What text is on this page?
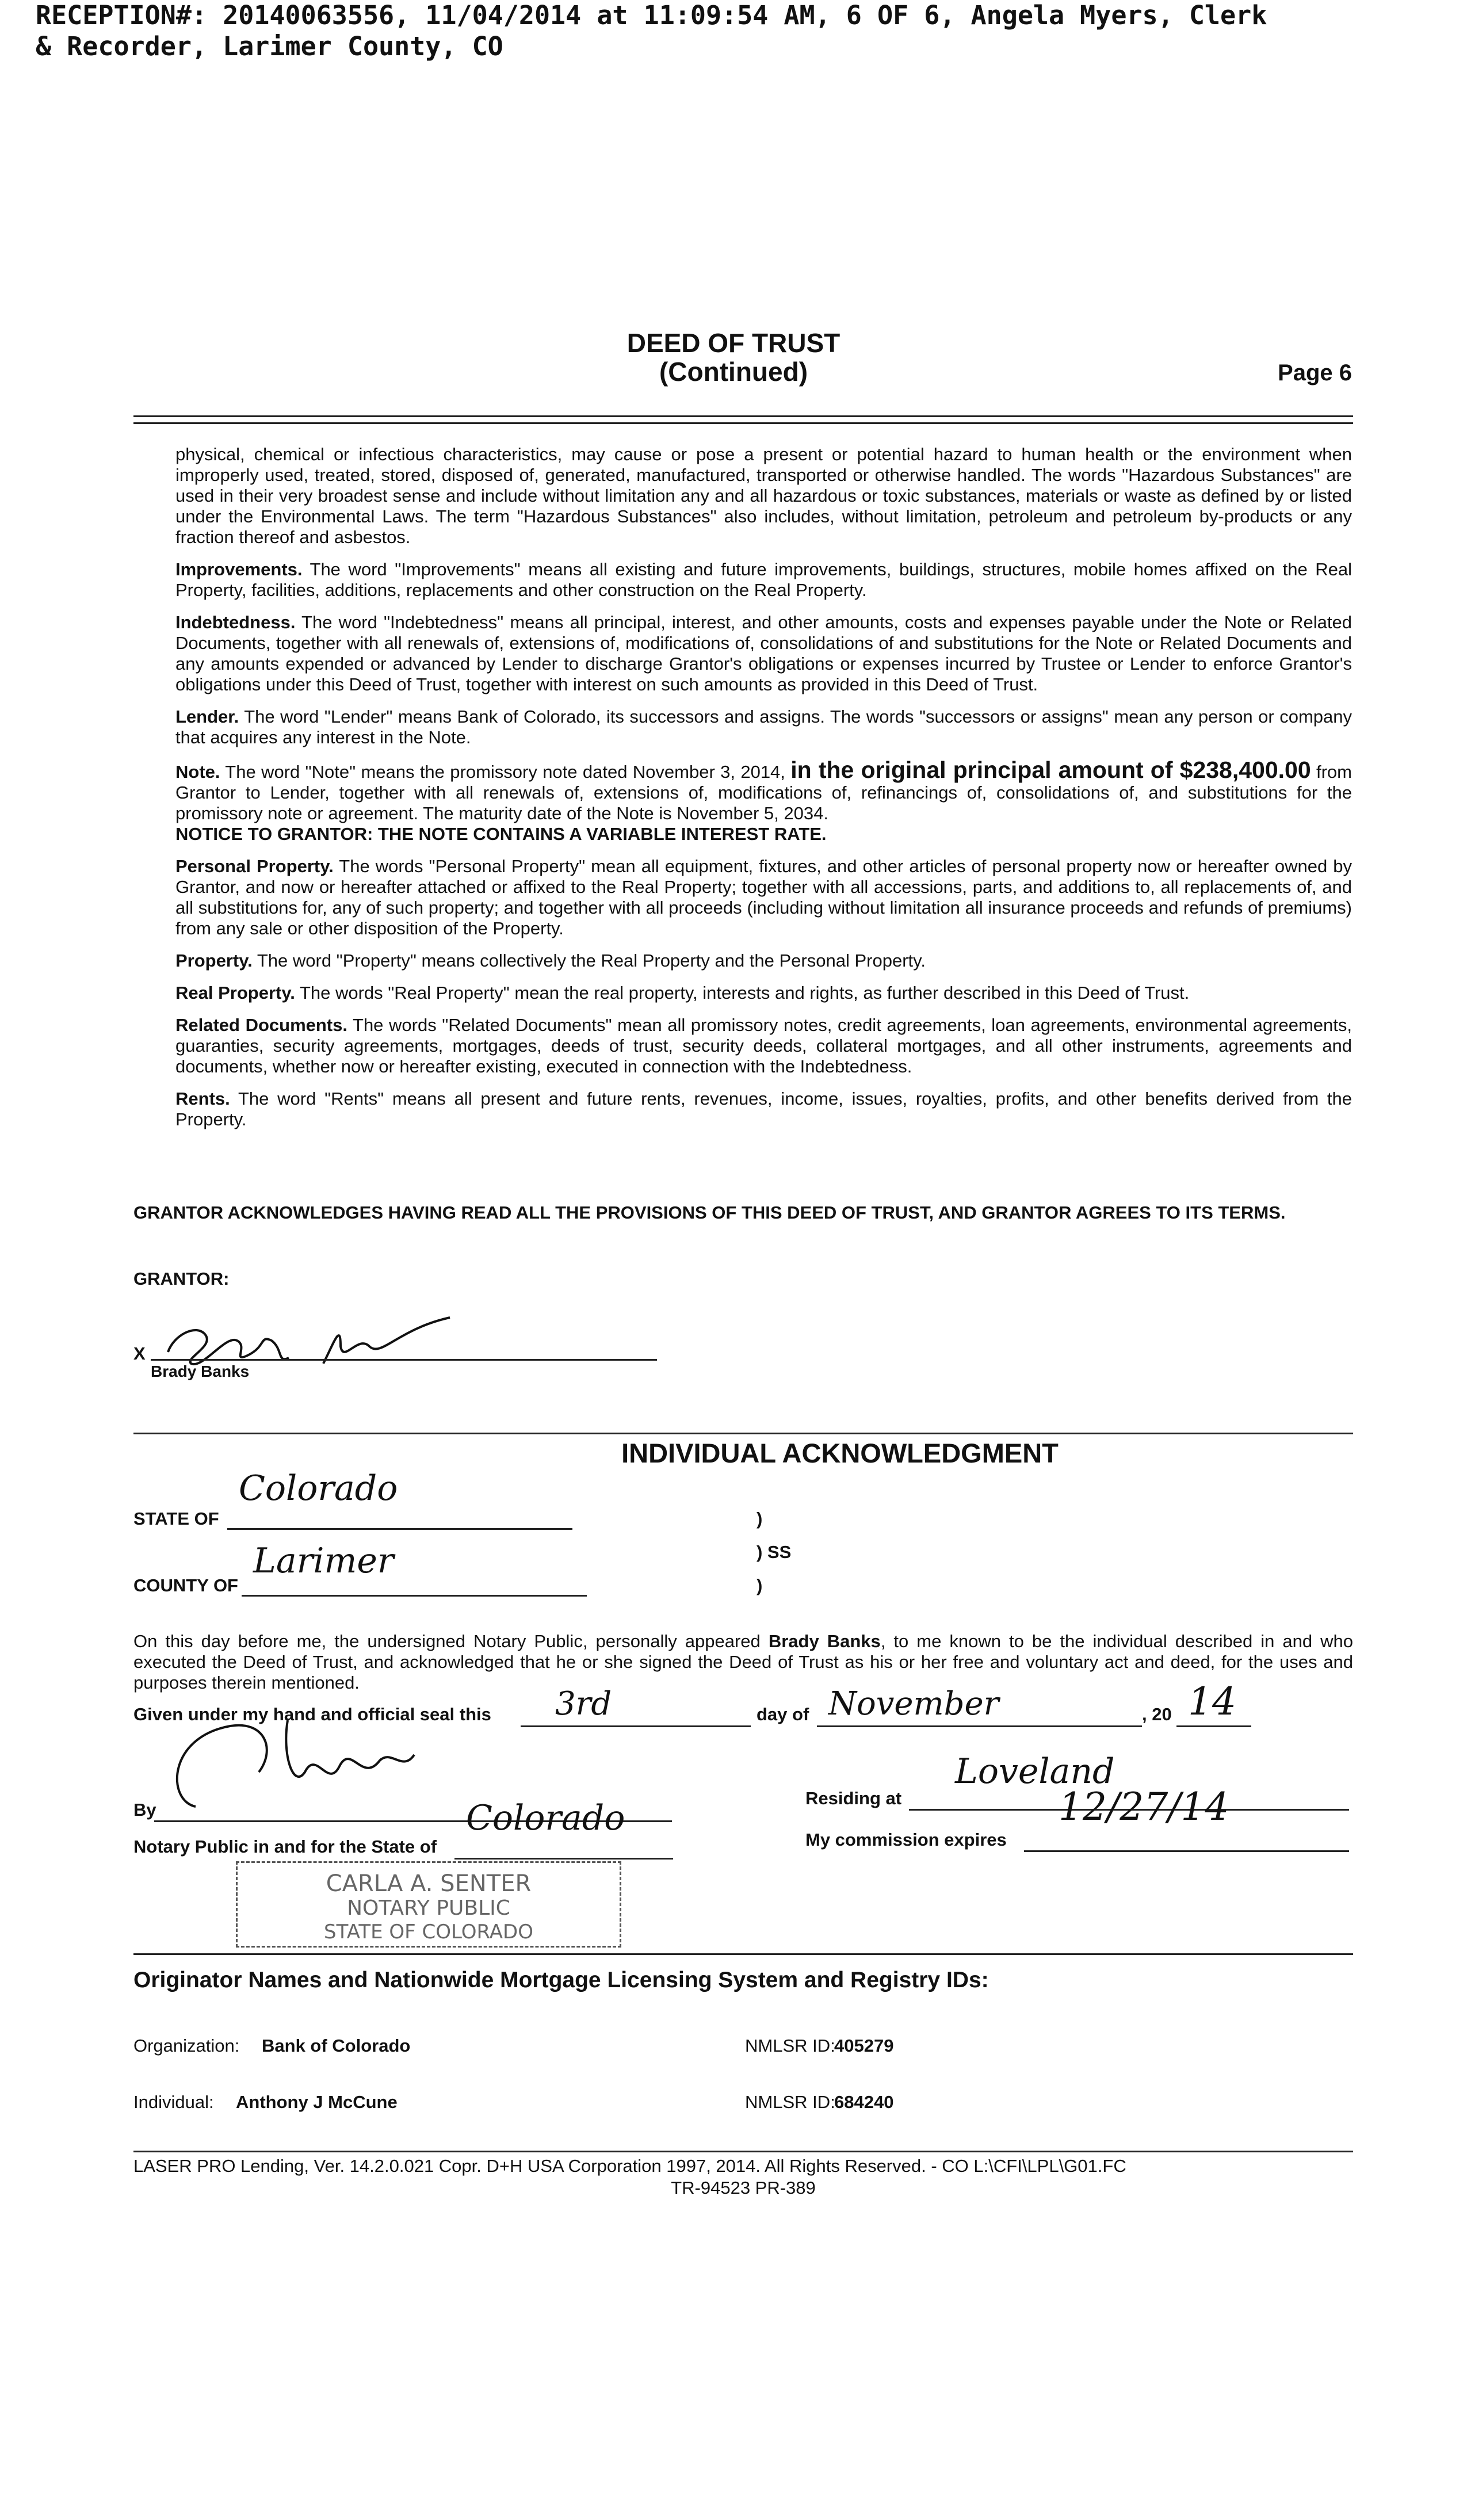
RECEPTION#: 20140063556, 11/04/2014 at 11:09:54 AM, 6 OF 6, Angela Myers, Clerk
& Recorder, Larimer County, CO
DEED OF TRUST
(Continued)	Page 6

physical, chemical or infectious characteristics, may cause or pose a present or potential hazard to human health or the environment when improperly used, treated, stored, disposed of, generated, manufactured, transported or otherwise handled. The words "Hazardous Substances" are used in their very broadest sense and include without limitation any and all hazardous or toxic substances, materials or waste as defined by or listed under the Environmental Laws. The term "Hazardous Substances" also includes, without limitation, petroleum and petroleum by-products or any fraction thereof and asbestos.

Improvements. The word "Improvements" means all existing and future improvements, buildings, structures, mobile homes affixed on the Real Property, facilities, additions, replacements and other construction on the Real Property.

Indebtedness. The word "Indebtedness" means all principal, interest, and other amounts, costs and expenses payable under the Note or Related Documents, together with all renewals of, extensions of, modifications of, consolidations of and substitutions for the Note or Related Documents and any amounts expended or advanced by Lender to discharge Grantor's obligations or expenses incurred by Trustee or Lender to enforce Grantor's obligations under this Deed of Trust, together with interest on such amounts as provided in this Deed of Trust.

Lender. The word "Lender" means Bank of Colorado, its successors and assigns. The words "successors or assigns" mean any person or company that acquires any interest in the Note.

Note. The word "Note" means the promissory note dated November 3, 2014, in the original principal amount of $238,400.00 from Grantor to Lender, together with all renewals of, extensions of, modifications of, refinancings of, consolidations of, and substitutions for the promissory note or agreement. The maturity date of the Note is November 5, 2034.
NOTICE TO GRANTOR: THE NOTE CONTAINS A VARIABLE INTEREST RATE.

Personal Property. The words "Personal Property" mean all equipment, fixtures, and other articles of personal property now or hereafter owned by Grantor, and now or hereafter attached or affixed to the Real Property; together with all accessions, parts, and additions to, all replacements of, and all substitutions for, any of such property; and together with all proceeds (including without limitation all insurance proceeds and refunds of premiums) from any sale or other disposition of the Property.

Property. The word "Property" means collectively the Real Property and the Personal Property.

Real Property. The words "Real Property" mean the real property, interests and rights, as further described in this Deed of Trust.

Related Documents. The words "Related Documents" mean all promissory notes, credit agreements, loan agreements, environmental agreements, guaranties, security agreements, mortgages, deeds of trust, security deeds, collateral mortgages, and all other instruments, agreements and documents, whether now or hereafter existing, executed in connection with the Indebtedness.

Rents. The word "Rents" means all present and future rents, revenues, income, issues, royalties, profits, and other benefits derived from the Property.

GRANTOR ACKNOWLEDGES HAVING READ ALL THE PROVISIONS OF THIS DEED OF TRUST, AND GRANTOR AGREES TO ITS TERMS.
GRANTOR:
X
Brady Banks
INDIVIDUAL ACKNOWLEDGMENT
STATE OF
Colorado
COUNTY OF
Larimer
)
) SS
)
On this day before me, the undersigned Notary Public, personally appeared Brady Banks, to me known to be the individual described in and who executed the Deed of Trust, and acknowledged that he or she signed the Deed of Trust as his or her free and voluntary act and deed, for the uses and purposes therein mentioned.
Given under my hand and official seal this 3rd	day of November	, 20 14
By
Residing at
Loveland
Notary Public in and for the State of
Colorado
My commission expires
12/27/14
CARLA A. SENTER
NOTARY PUBLIC
STATE OF COLORADO
Originator Names and Nationwide Mortgage Licensing System and Registry IDs:
Organization: Bank of Colorado	NMLSR ID:
405279
Individual: Anthony J McCune	NMLSR ID:
684240
LASER PRO Lending, Ver. 14.2.0.021 Copr. D+H USA Corporation 1997, 2014. All Rights Reserved. - CO L:\CFI\LPL\G01.FC
TR-94523 PR-389
